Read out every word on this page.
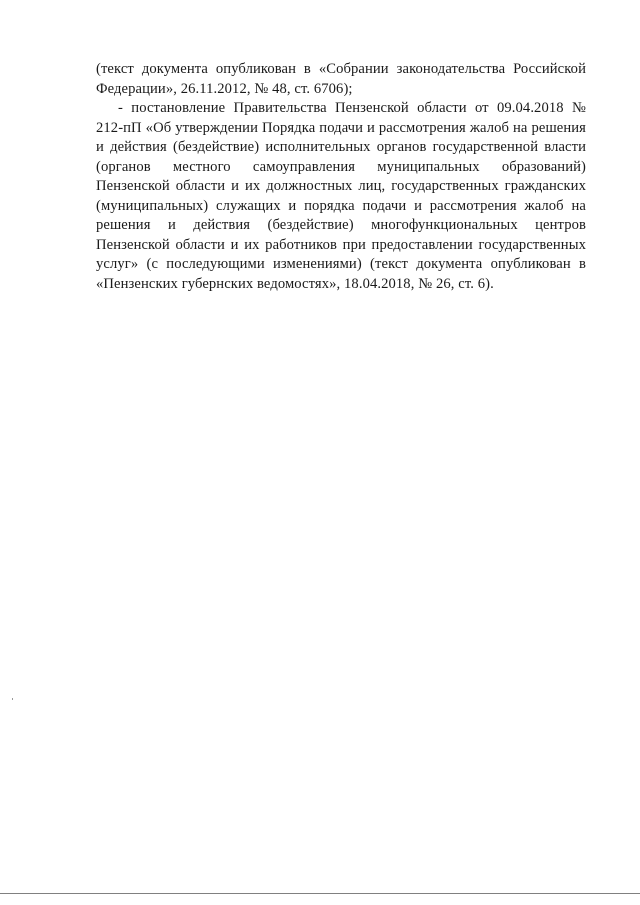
(текст документа опубликован в «Собрании законодательства Российской
Федерации», 26.11.2012, № 48, ст. 6706);
- постановление Правительства Пензенской области от 09.04.2018 №
212-пП «Об утверждении Порядка подачи и рассмотрения жалоб на решения
и действия (бездействие) исполнительных органов государственной власти
(органов местного самоуправления муниципальных образований)
Пензенской области и их должностных лиц, государственных гражданских
(муниципальных) служащих и порядка подачи и рассмотрения жалоб на
решения и действия (бездействие) многофункциональных центров
Пензенской области и их работников при предоставлении государственных
услуг» (с последующими изменениями) (текст документа опубликован в
«Пензенских губернских ведомостях», 18.04.2018, № 26, ст. 6).
